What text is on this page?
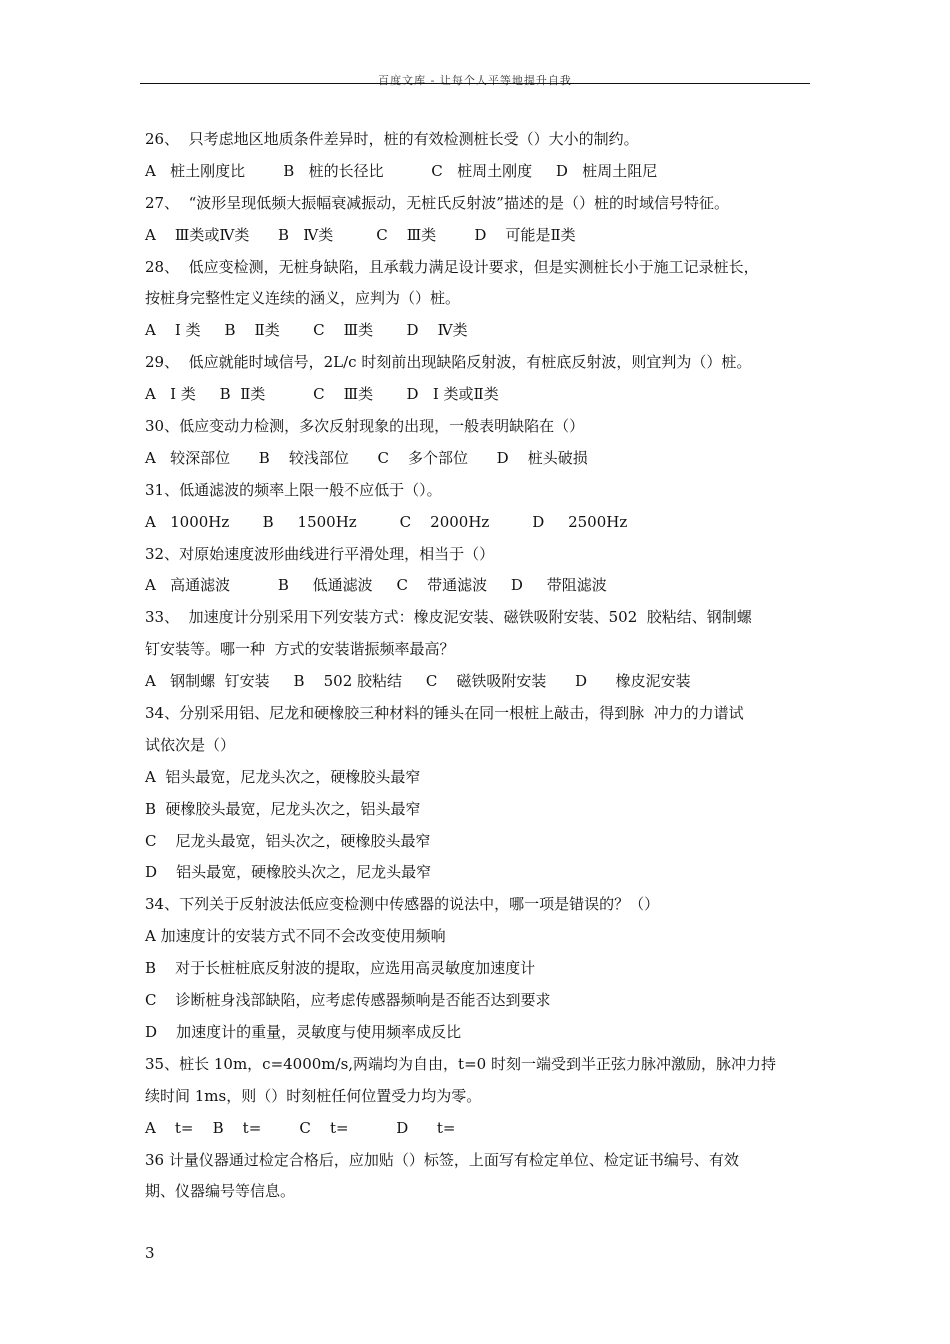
百度文库 - 让每个人平等地提升自我
26、  只考虑地区地质条件差异时，桩的有效检测桩长受（）大小的制约。
A   桩土刚度比        B   桩的长径比          C   桩周土刚度     D   桩周土阻尼
27、  “波形呈现低频大振幅衰减振动，无桩氏反射波”描述的是（）桩的时域信号特征。
A    Ⅲ类或Ⅳ类      B   Ⅳ类         C    Ⅲ类        D    可能是Ⅱ类
28、  低应变检测，无桩身缺陷，且承载力满足设计要求，但是实测桩长小于施工记录桩长，
按桩身完整性定义连续的涵义，应判为（）桩。
A    I 类     B    Ⅱ类       C    Ⅲ类       D    Ⅳ类
29、  低应就能时域信号，2L/c 时刻前出现缺陷反射波，有桩底反射波，则宜判为（）桩。
A   I 类     B  Ⅱ类          C    Ⅲ类       D   I 类或Ⅱ类
30、低应变动力检测，多次反射现象的出现，一般表明缺陷在（）
A   较深部位      B    较浅部位      C    多个部位      D    桩头破损
31、低通滤波的频率上限一般不应低于（）。
A   1000Hz       B     1500Hz         C    2000Hz         D     2500Hz
32、对原始速度波形曲线进行平滑处理，相当于（）
A   高通滤波          B     低通滤波     C    带通滤波     D     带阻滤波
33、  加速度计分别采用下列安装方式：橡皮泥安装、磁铁吸附安装、502  胶粘结、钢制螺
钉安装等。哪一种  方式的安装谐振频率最高？
A   钢制螺  钉安装     B    502 胶粘结     C    磁铁吸附安装      D      橡皮泥安装
34、分别采用铝、尼龙和硬橡胶三种材料的锤头在同一根桩上敲击，得到脉  冲力的力谱试
试依次是（）
A  铝头最宽，尼龙头次之，硬橡胶头最窄
B  硬橡胶头最宽，尼龙头次之，铝头最窄
C    尼龙头最宽，铝头次之，硬橡胶头最窄
D    铝头最宽，硬橡胶头次之，尼龙头最窄
34、下列关于反射波法低应变检测中传感器的说法中，哪一项是错误的？（）
A 加速度计的安装方式不同不会改变使用频响
B    对于长桩桩底反射波的提取，应选用高灵敏度加速度计
C    诊断桩身浅部缺陷，应考虑传感器频响是否能否达到要求
D    加速度计的重量，灵敏度与使用频率成反比
35、桩长 10m，c=4000m/s,两端均为自由，t=0 时刻一端受到半正弦力脉冲激励，脉冲力持
续时间 1ms，则（）时刻桩任何位置受力均为零。
A    t=    B    t=        C    t=          D      t=
36 计量仪器通过检定合格后，应加贴（）标签，上面写有检定单位、检定证书编号、有效
期、仪器编号等信息。
3
